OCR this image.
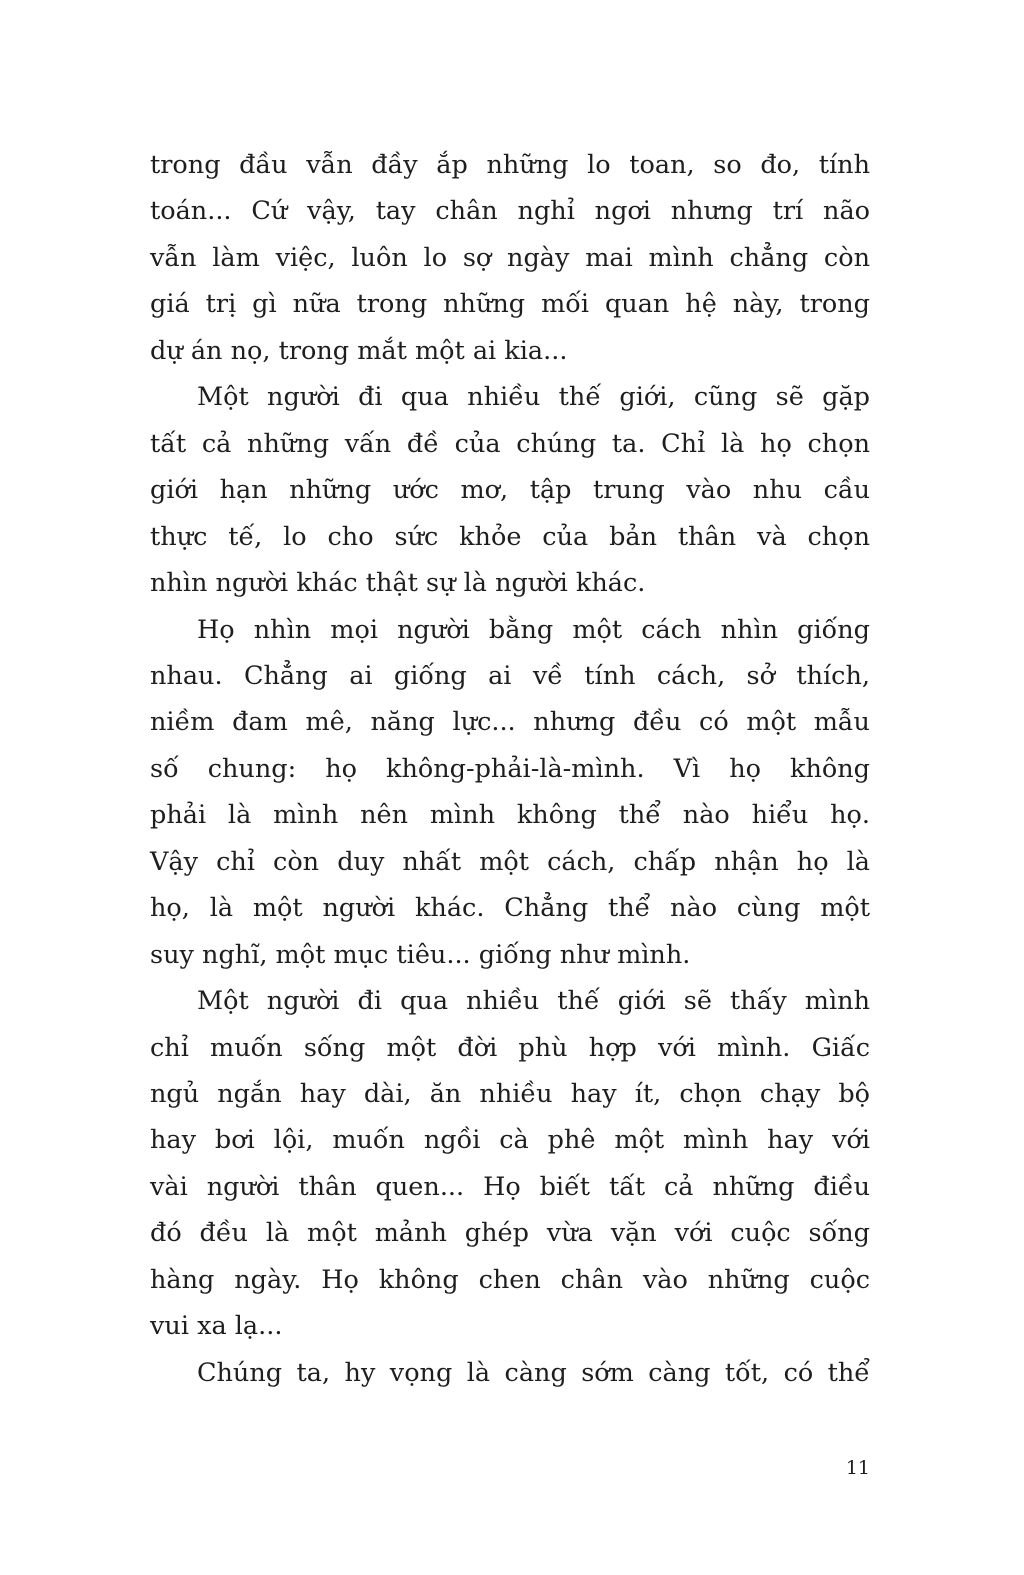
11
trong đầu vẫn đầy ắp những lo toan, so đo, tính
toán... Cứ vậy, tay chân nghỉ ngơi nhưng trí não
vẫn làm việc, luôn lo sợ ngày mai mình chẳng còn
giá trị gì nữa trong những mối quan hệ này, trong
dự án nọ, trong mắt một ai kia...
Một người đi qua nhiều thế giới, cũng sẽ gặp
tất cả những vấn đề của chúng ta. Chỉ là họ chọn
giới hạn những ước mơ, tập trung vào nhu cầu
thực tế, lo cho sức khỏe của bản thân và chọn
nhìn người khác thật sự là người khác.
Họ nhìn mọi người bằng một cách nhìn giống
nhau. Chẳng ai giống ai về tính cách, sở thích,
niềm đam mê, năng lực... nhưng đều có một mẫu
số chung: họ không-phải-là-mình. Vì họ không
phải là mình nên mình không thể nào hiểu họ.
Vậy chỉ còn duy nhất một cách, chấp nhận họ là
họ, là một người khác. Chẳng thể nào cùng một
suy nghĩ, một mục tiêu... giống như mình.
Một người đi qua nhiều thế giới sẽ thấy mình
chỉ muốn sống một đời phù hợp với mình. Giấc
ngủ ngắn hay dài, ăn nhiều hay ít, chọn chạy bộ
hay bơi lội, muốn ngồi cà phê một mình hay với
vài người thân quen... Họ biết tất cả những điều
đó đều là một mảnh ghép vừa vặn với cuộc sống
hàng ngày. Họ không chen chân vào những cuộc
vui xa lạ...
Chúng ta, hy vọng là càng sớm càng tốt, có thể
